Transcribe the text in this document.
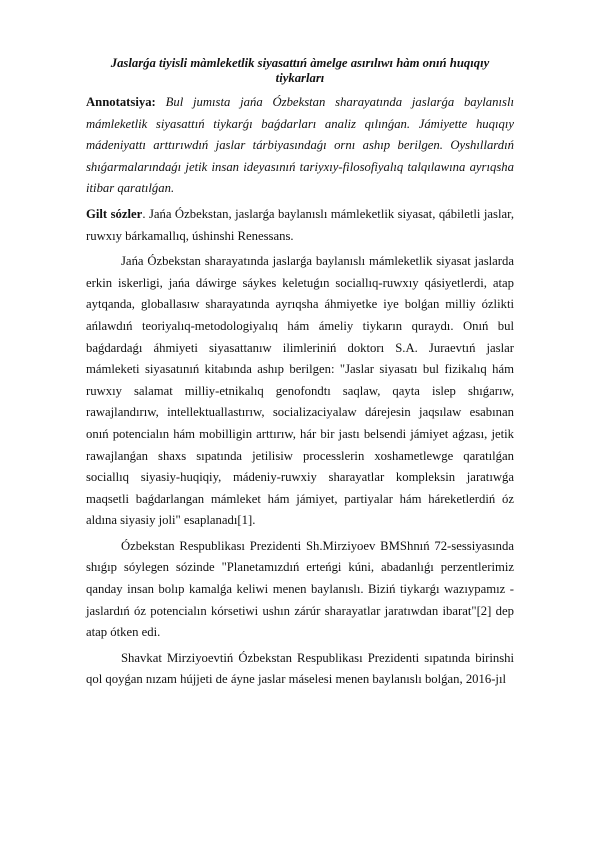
Jaslarǵa tiyisli màmleketlik siyasattıń àmelge asırılıwı hàm onıń huqıqıy tiykarları

Annotatsiya: Bul jumısta jańa Ózbekstan sharayatında jaslarǵa baylanıslı mámleketlik siyasattıń tiykarǵı baǵdarları analiz qılınǵan. Jámiyette huqıqıy mádeniyattı arttırıwdıń jaslar tárbiyasındaǵı ornı ashıp berilgen. Oyshıllardıń shıǵarmalarındaǵı jetik insan ideyasınıń tariyxıy-filosofiyalıq talqılawına ayrıqsha itibar qaratılǵan.

Gilt sózler. Jańa Ózbekstan, jaslarǵa baylanıslı mámleketlik siyasat, qábiletli jaslar, ruwxıy bárkamallıq, úshinshi Renessans.

Jańa Ózbekstan sharayatında jaslarǵa baylanıslı mámleketlik siyasat jaslarda erkin iskerligi, jańa dáwirge sáykes keletuǵın sociallıq-ruwxıy qásiyetlerdi, atap aytqanda, globallasıw sharayatında ayrıqsha áhmiyetke iye bolǵan milliy ózlikti ańlawdıń teoriyalıq-metodologiyalıq hám ámeliy tiykarın quraydı. Onıń bul baǵdardaǵı áhmiyeti siyasattanıw ilimleriniń doktorı S.A. Juraevtıń jaslar mámleketi siyasatınıń kitabında ashıp berilgen: "Jaslar siyasatı bul fizikalıq hám ruwxıy salamat milliy-etnikalıq genofondtı saqlaw, qayta islep shıǵarıw, rawajlandırıw, intellektuallastırıw, socializaciyalaw dárejesin jaqsılaw esabınan onıń potencialın hám mobilligin arttırıw, hár bir jastı belsendi jámiyet aǵzası, jetik rawajlanǵan shaxs sıpatında jetilisiw processlerin xoshametlewge qaratılǵan sociallıq siyasiy-huqiqiy, mádeniy-ruwxiy sharayatlar kompleksin jaratıwǵa maqsetli baǵdarlangan mámleket hám jámiyet, partiyalar hám háreketlerdiń óz aldına siyasiy joli" esaplanadı[1].

Ózbekstan Respublikası Prezidenti Sh.Mirziyoev BMShnıń 72-sessiyasında shıǵıp sóylegen sózinde "Planetamızdıń erteńgi kúni, abadanlıǵı perzentlerimiz qanday insan bolıp kamalǵa keliwi menen baylanıslı. Biziń tiykarǵı wazıypamız - jaslardıń óz potencialın kórsetiwi ushın zárúr sharayatlar jaratıwdan ibarat"[2] dep atap ótken edi.

Shavkat Mirziyoevtiń Ózbekstan Respublikası Prezidenti sıpatında birinshi qol qoyǵan nızam hújjeti de áyne jaslar máselesi menen baylanıslı bolǵan, 2016-jıl
